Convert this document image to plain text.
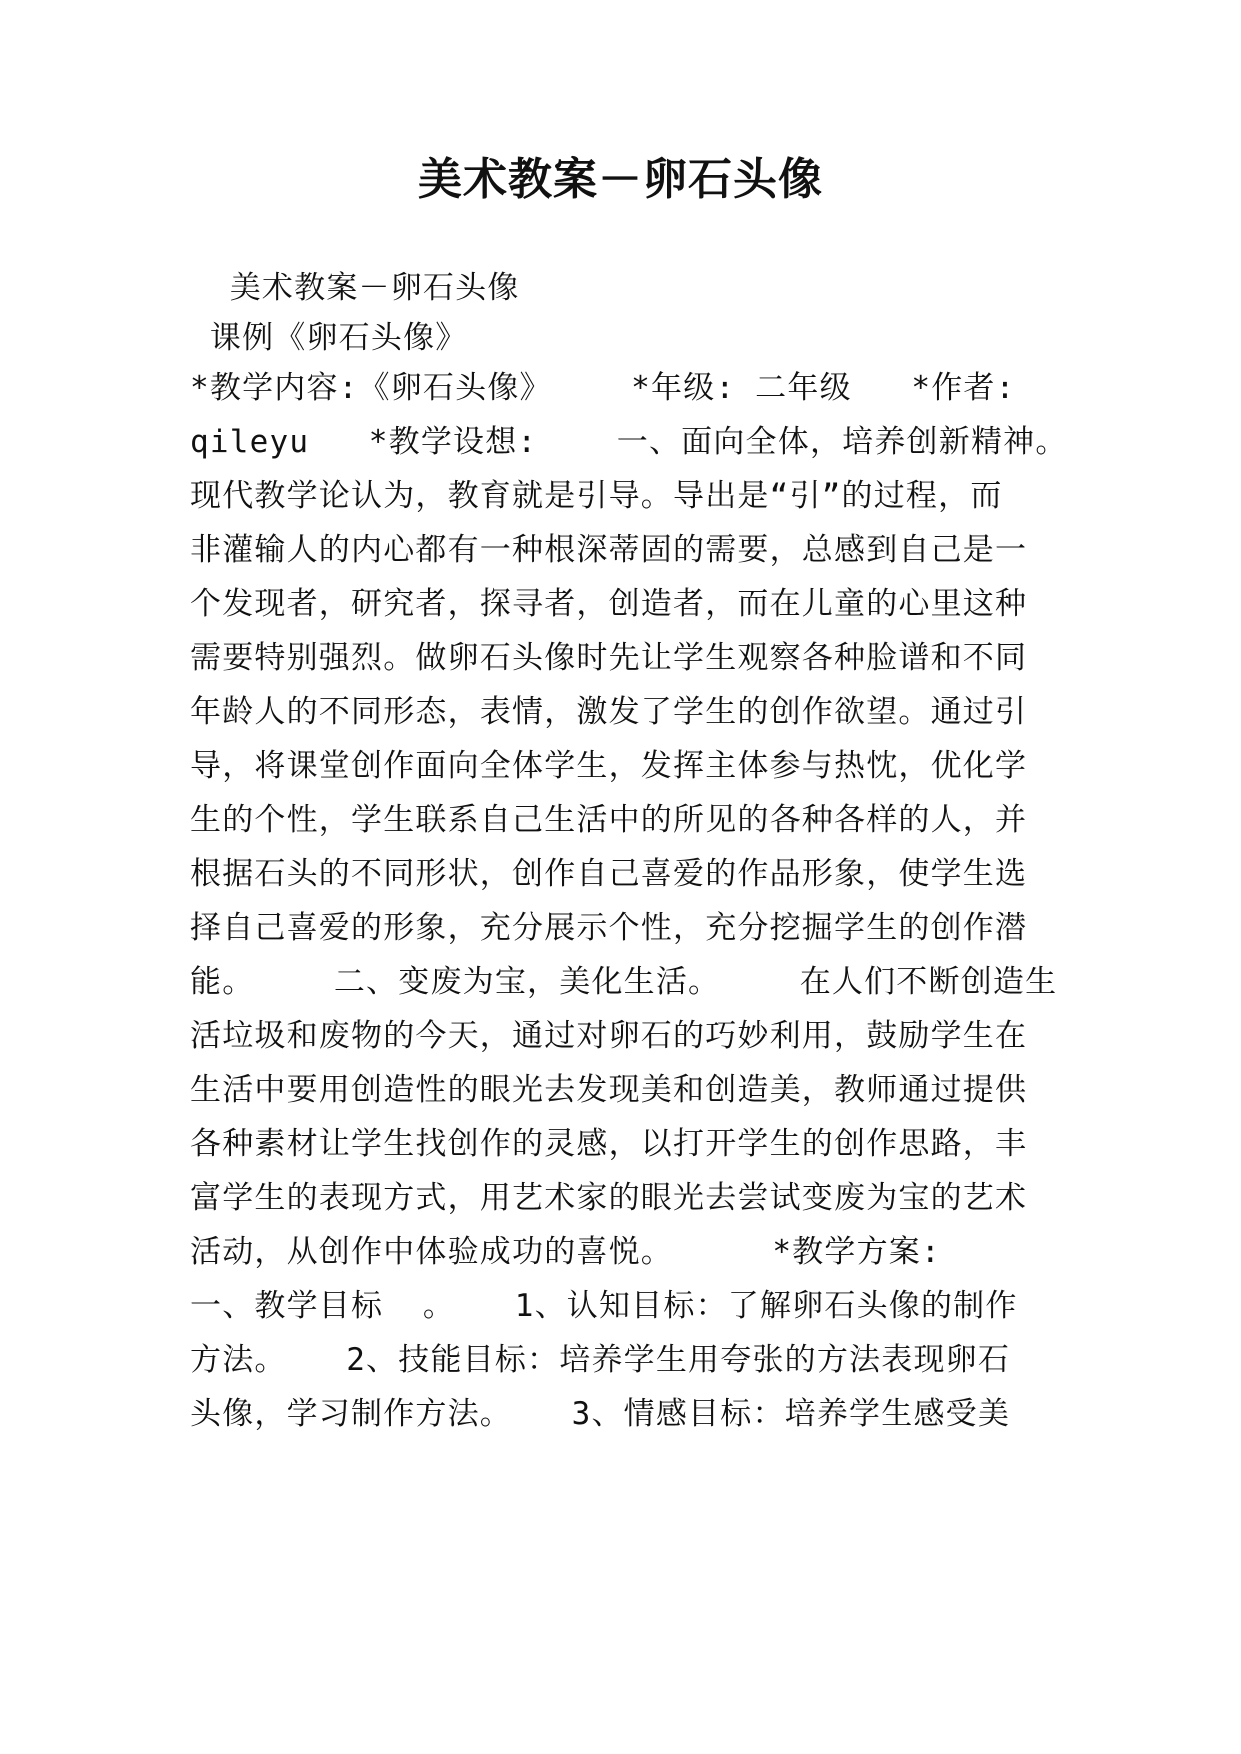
美术教案－卵石头像
美术教案－卵石头像
课例《卵石头像》
*教学内容:《卵石头像》    *年级: 二年级   *作者:
qileyu   *教学设想:    一、面向全体，培养创新精神。
现代教学论认为，教育就是引导。导出是“引”的过程，而
非灌输人的内心都有一种根深蒂固的需要，总感到自己是一
个发现者，研究者，探寻者，创造者，而在儿童的心里这种
需要特别强烈。做卵石头像时先让学生观察各种脸谱和不同
年龄人的不同形态，表情，激发了学生的创作欲望。通过引
导，将课堂创作面向全体学生，发挥主体参与热忱，优化学
生的个性，学生联系自己生活中的所见的各种各样的人，并
根据石头的不同形状，创作自己喜爱的作品形象，使学生选
择自己喜爱的形象，充分展示个性，充分挖掘学生的创作潜
能。    二、变废为宝，美化生活。    在人们不断创造生
活垃圾和废物的今天，通过对卵石的巧妙利用，鼓励学生在
生活中要用创造性的眼光去发现美和创造美，教师通过提供
各种素材让学生找创作的灵感，以打开学生的创作思路，丰
富学生的表现方式，用艺术家的眼光去尝试变废为宝的艺术
活动，从创作中体验成功的喜悦。     *教学方案:
一、教学目标  。   1、认知目标：了解卵石头像的制作
方法。   2、技能目标：培养学生用夸张的方法表现卵石
头像，学习制作方法。   3、情感目标：培养学生感受美
